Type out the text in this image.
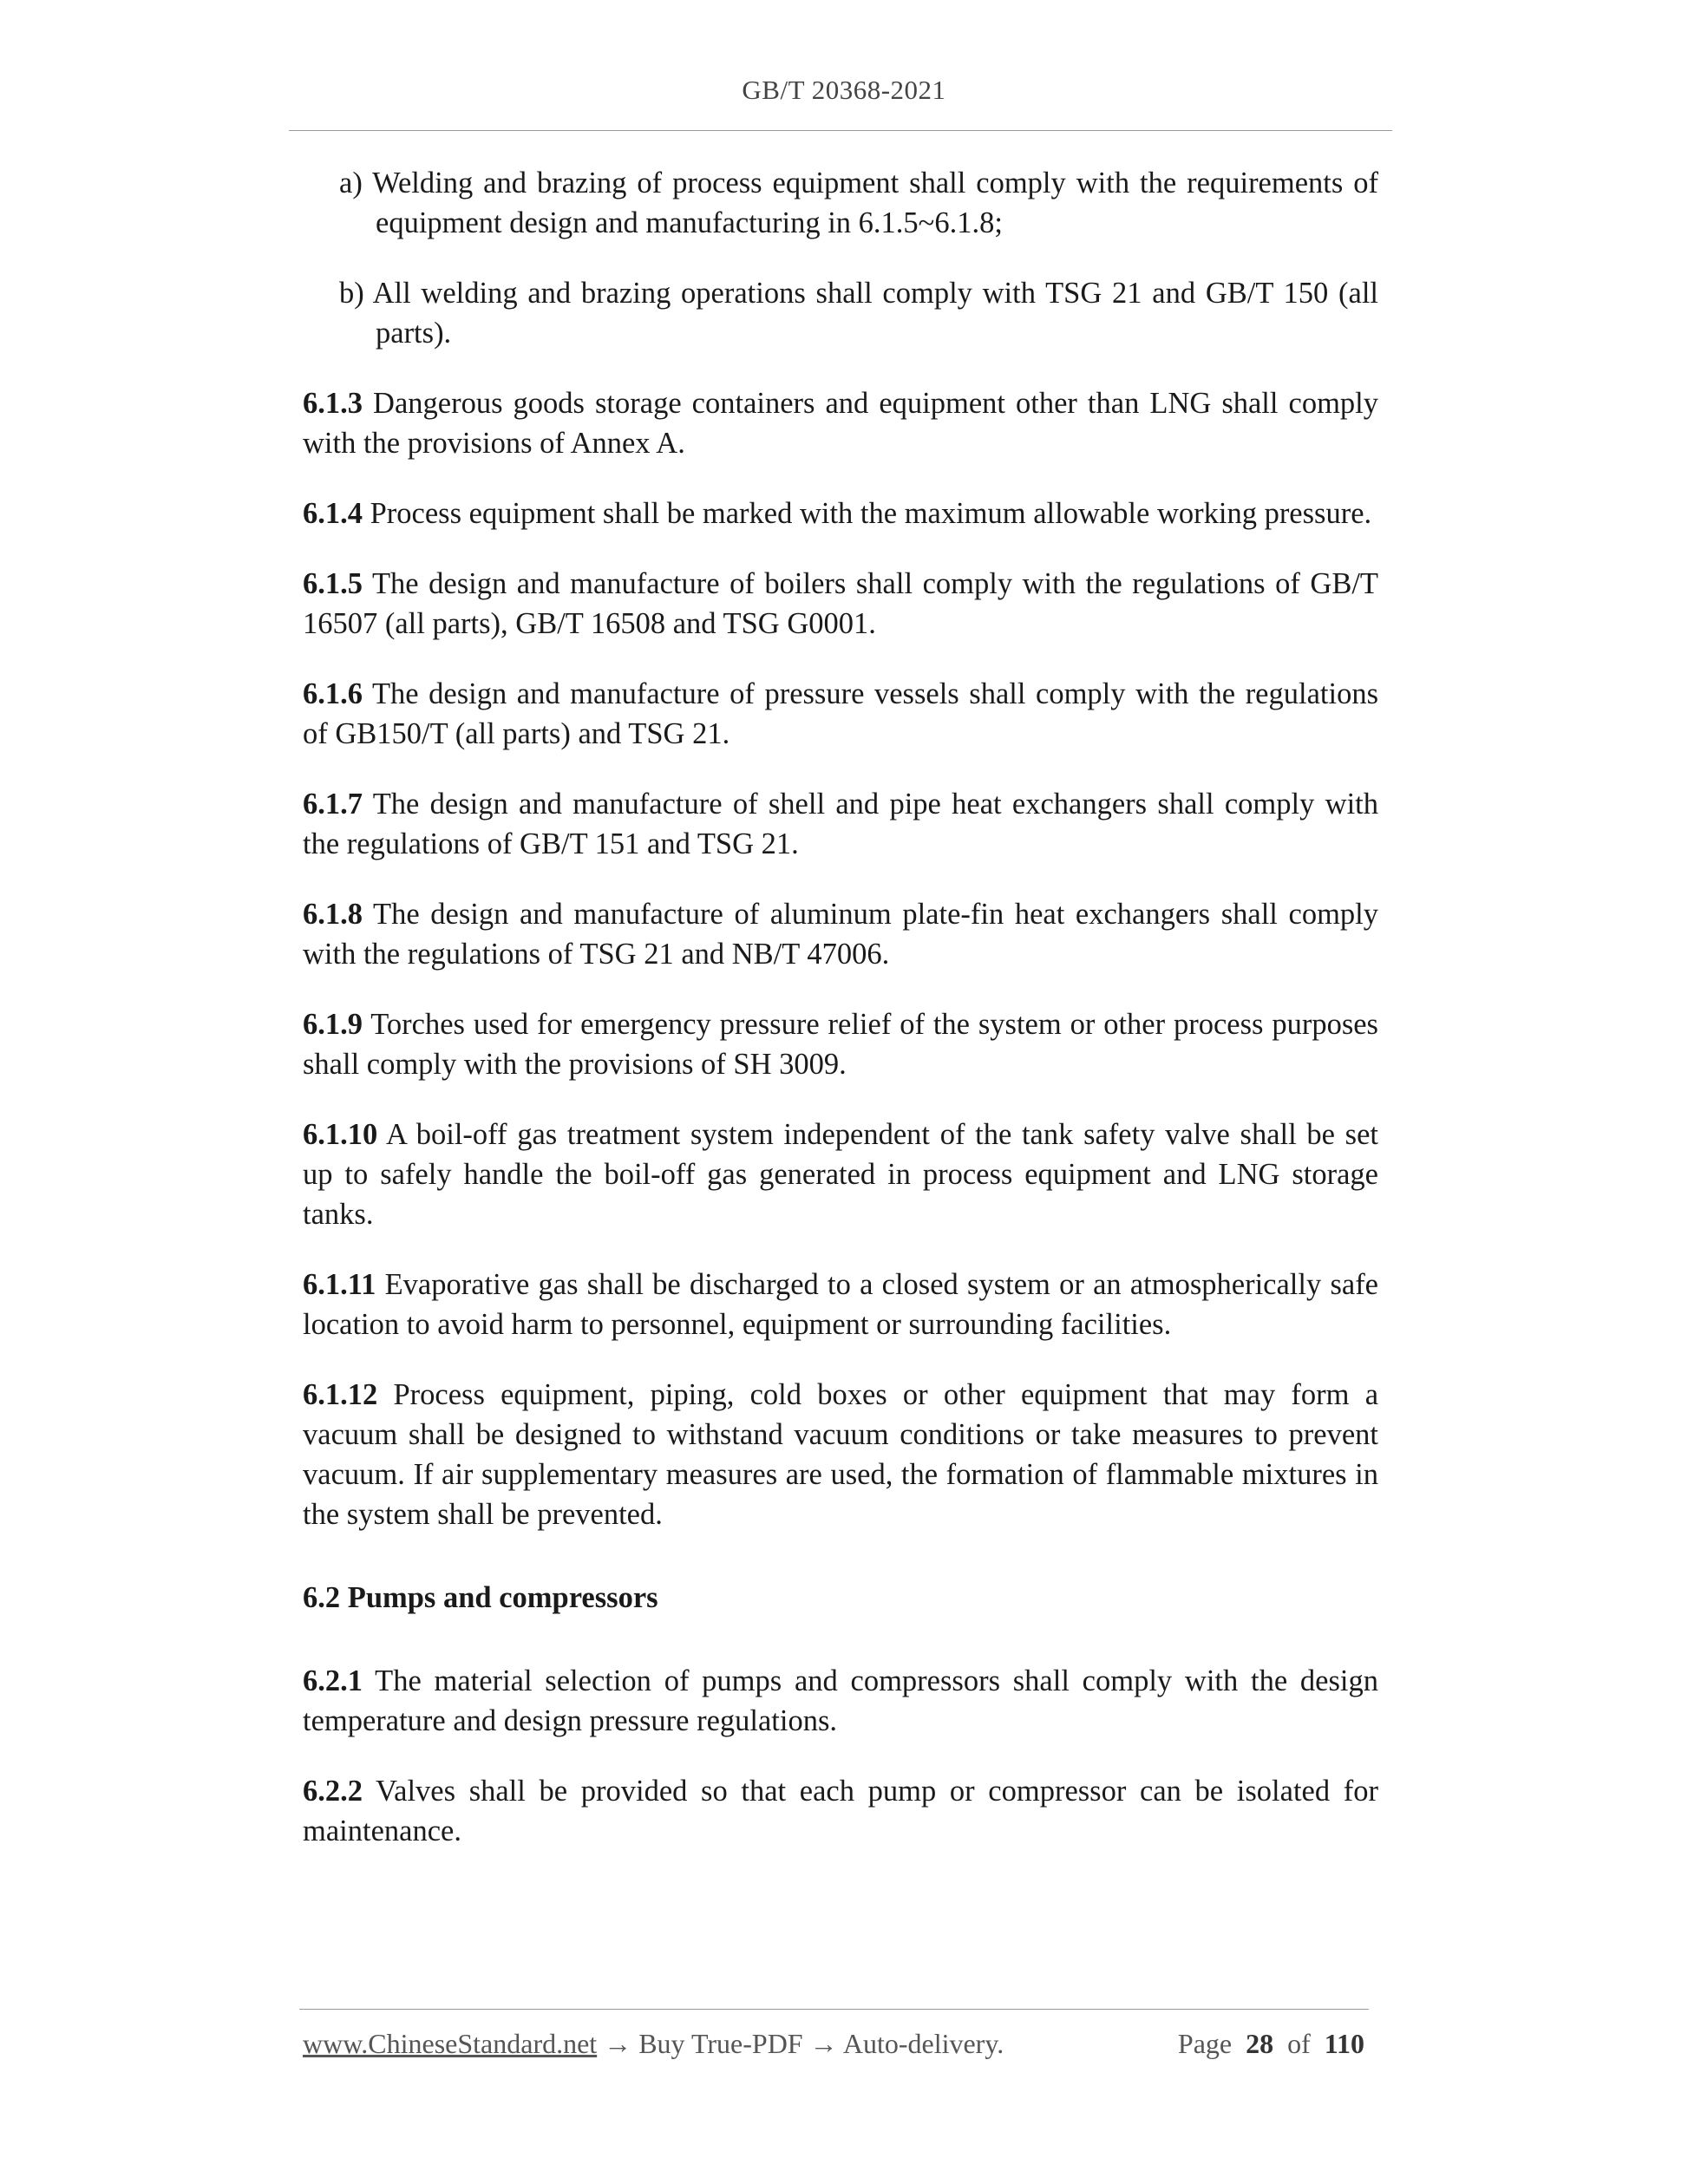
GB/T 20368-2021
a) Welding and brazing of process equipment shall comply with the requirements of equipment design and manufacturing in 6.1.5~6.1.8;
b) All welding and brazing operations shall comply with TSG 21 and GB/T 150 (all parts).

6.1.3 Dangerous goods storage containers and equipment other than LNG shall comply with the provisions of Annex A.

6.1.4 Process equipment shall be marked with the maximum allowable working pressure.

6.1.5 The design and manufacture of boilers shall comply with the regulations of GB/T 16507 (all parts), GB/T 16508 and TSG G0001.

6.1.6 The design and manufacture of pressure vessels shall comply with the regulations of GB150/T (all parts) and TSG 21.

6.1.7 The design and manufacture of shell and pipe heat exchangers shall comply with the regulations of GB/T 151 and TSG 21.

6.1.8 The design and manufacture of aluminum plate-fin heat exchangers shall comply with the regulations of TSG 21 and NB/T 47006.

6.1.9 Torches used for emergency pressure relief of the system or other process purposes shall comply with the provisions of SH 3009.

6.1.10 A boil-off gas treatment system independent of the tank safety valve shall be set up to safely handle the boil-off gas generated in process equipment and LNG storage tanks.

6.1.11 Evaporative gas shall be discharged to a closed system or an atmospherically safe location to avoid harm to personnel, equipment or surrounding facilities.

6.1.12 Process equipment, piping, cold boxes or other equipment that may form a vacuum shall be designed to withstand vacuum conditions or take measures to prevent vacuum. If air supplementary measures are used, the formation of flammable mixtures in the system shall be prevented.

6.2 Pumps and compressors

6.2.1 The material selection of pumps and compressors shall comply with the design temperature and design pressure regulations.

6.2.2 Valves shall be provided so that each pump or compressor can be isolated for maintenance.

www.ChineseStandard.net → Buy True-PDF → Auto-delivery.	Page 28 of 110
